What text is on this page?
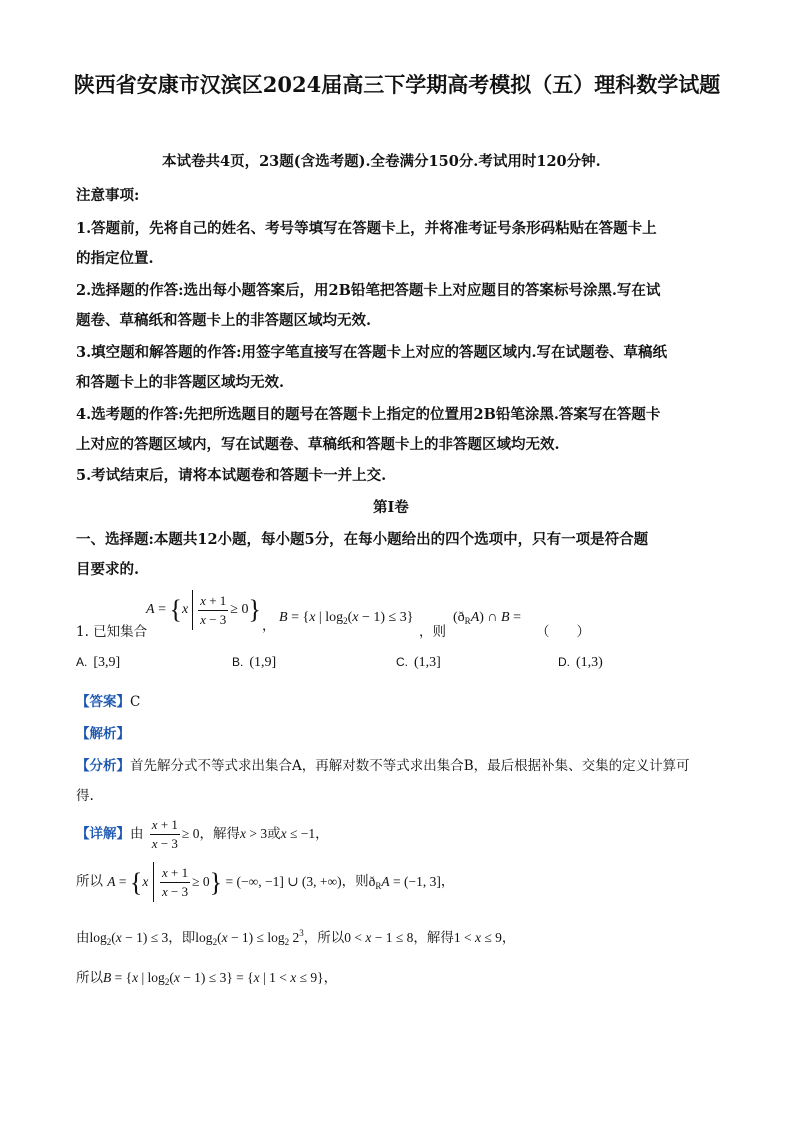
陕西省安康市汉滨区2024届高三下学期高考模拟（五）理科数学试题
本试卷共4页，23题(含选考题).全卷满分150分.考试用时120分钟.
注意事项:
1.答题前，先将自己的姓名、考号等填写在答题卡上，并将准考证号条形码粘贴在答题卡上
的指定位置.
2.选择题的作答:选出每小题答案后，用2B铅笔把答题卡上对应题目的答案标号涂黑.写在试
题卷、草稿纸和答题卡上的非答题区域均无效.
3.填空题和解答题的作答:用签字笔直接写在答题卡上对应的答题区域内.写在试题卷、草稿纸
和答题卡上的非答题区域均无效.
4.选考题的作答:先把所选题目的题号在答题卡上指定的位置用2B铅笔涂黑.答案写在答题卡
上对应的答题区域内，写在试题卷、草稿纸和答题卡上的非答题区域均无效.
5.考试结束后，请将本试题卷和答题卡一并上交.
第I卷
一、选择题:本题共12小题，每小题5分，在每小题给出的四个选项中，只有一项是符合题
目要求的.
1. 已知集合
$A = \{x \frac{x + 1}{x - 3} \ge 0\}$
，
B = {x | $\log_2(x - 1) \le 3$}
，则
$(ð_RA)$ ∩ B =
（　　）
A. [3,9]	B. (1,9]	C. (1,3]	D. (1,3)
【答案】C
【解析】
【分析】首先解分式不等式求出集合A，再解对数不等式求出集合B，最后根据补集、交集的定义计算可
得.
【详解】由 $\frac{x + 1}{x - 3} \ge 0$，解得x > 3或x ≤ −1，
所以 $A = \{x \frac{x + 1}{x - 3} \ge 0\}$ = (−∞, −1] ∪ (3, +∞)，则$ð_RA = (-1$, 3]，
由$\log_2(x - 1) \le 3$，即$\log_2(x - 1) \le \log_2 2^3$，所以0 < x − 1 ≤ 8，解得1 < x ≤ 9，
所以B = {x | $\log_2(x - 1) \le 3\} = \{x$ | 1 < x ≤ 9}，
